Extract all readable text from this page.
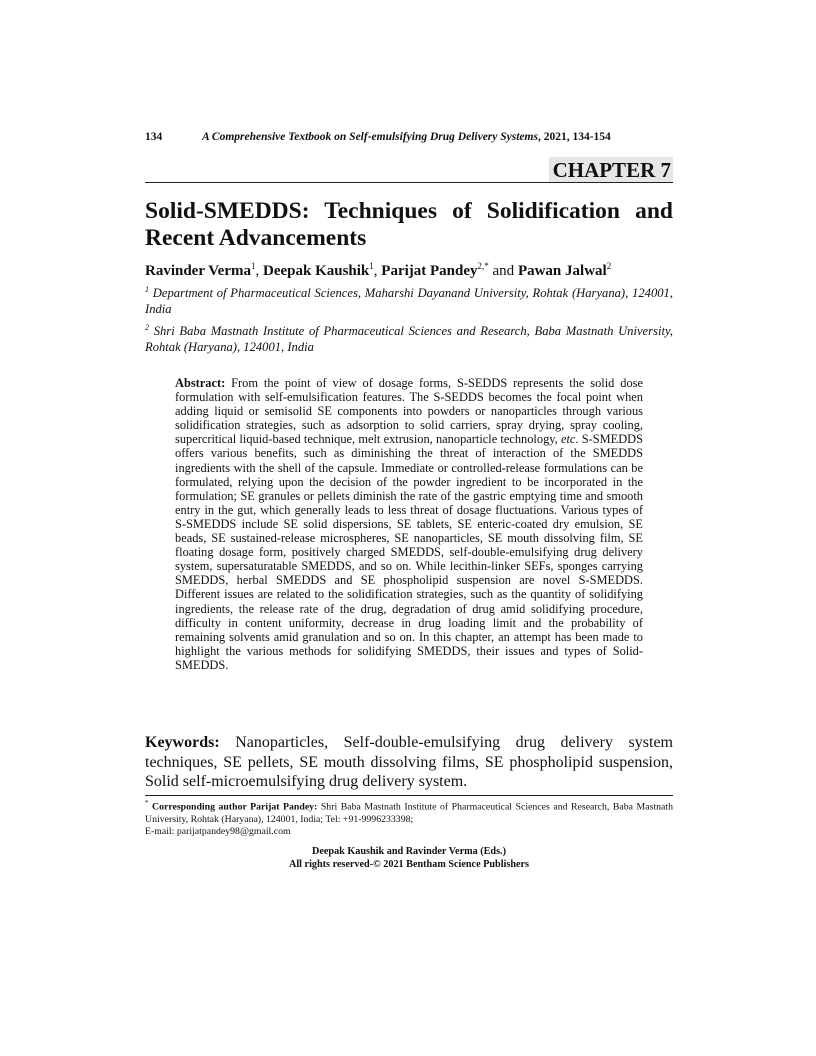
134	A Comprehensive Textbook on Self-emulsifying Drug Delivery Systems, 2021, 134-154
CHAPTER 7
Solid-SMEDDS: Techniques of Solidification and Recent Advancements
Ravinder Verma$^1$, Deepak Kaushik$^1$, Parijat Pandey$^{2,*}$ and Pawan Jalwal$^2$
$^1$ Department of Pharmaceutical Sciences, Maharshi Dayanand University, Rohtak (Haryana), 124001, India
$^2$ Shri Baba Mastnath Institute of Pharmaceutical Sciences and Research, Baba Mastnath University, Rohtak (Haryana), 124001, India
Abstract: From the point of view of dosage forms, S-SEDDS represents the solid dose formulation with self-emulsification features. The S-SEDDS becomes the focal point when adding liquid or semisolid SE components into powders or nanoparticles through various solidification strategies, such as adsorption to solid carriers, spray drying, spray cooling, supercritical liquid-based technique, melt extrusion, nanoparticle technology, etc. S-SMEDDS offers various benefits, such as diminishing the threat of interaction of the SMEDDS ingredients with the shell of the capsule. Immediate or controlled-release formulations can be formulated, relying upon the decision of the powder ingredient to be incorporated in the formulation; SE granules or pellets diminish the rate of the gastric emptying time and smooth entry in the gut, which generally leads to less threat of dosage fluctuations. Various types of S-SMEDDS include SE solid dispersions, SE tablets, SE enteric-coated dry emulsion, SE beads, SE sustained-release microspheres, SE nanoparticles, SE mouth dissolving film, SE floating dosage form, positively charged SMEDDS, self-double-emulsifying drug delivery system, supersaturatable SMEDDS, and so on. While lecithin-linker SEFs, sponges carrying SMEDDS, herbal SMEDDS and SE phospholipid suspension are novel S-SMEDDS. Different issues are related to the solidification strategies, such as the quantity of solidifying ingredients, the release rate of the drug, degradation of drug amid solidifying procedure, difficulty in content uniformity, decrease in drug loading limit and the probability of remaining solvents amid granulation and so on. In this chapter, an attempt has been made to highlight the various methods for solidifying SMEDDS, their issues and types of Solid-SMEDDS.
Keywords: Nanoparticles, Self-double-emulsifying drug delivery system techniques, SE pellets, SE mouth dissolving films, SE phospholipid suspension, Solid self-microemulsifying drug delivery system.
* Corresponding author Parijat Pandey: Shri Baba Mastnath Institute of Pharmaceutical Sciences and Research, Baba Mastnath University, Rohtak (Haryana), 124001, India; Tel: +91-9996233398;
E-mail: parijatpandey98@gmail.com
Deepak Kaushik and Ravinder Verma (Eds.)
All rights reserved-© 2021 Bentham Science Publishers
